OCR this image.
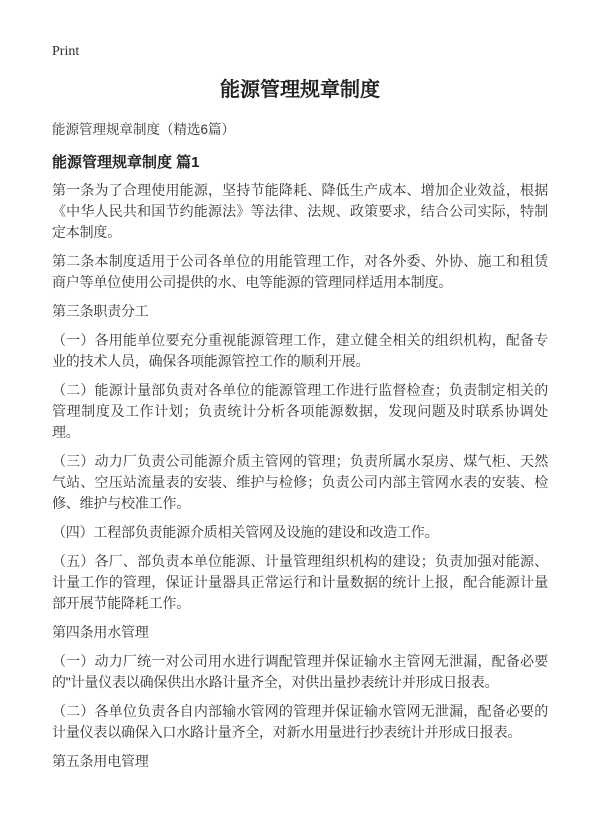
Print
能源管理规章制度
能源管理规章制度（精选6篇）
能源管理规章制度 篇1

第一条为了合理使用能源，坚持节能降耗、降低生产成本、增加企业效益，根据《中华人民共和国节约能源法》等法律、法规、政策要求，结合公司实际，特制定本制度。

第二条本制度适用于公司各单位的用能管理工作，对各外委、外协、施工和租赁商户等单位使用公司提供的水、电等能源的管理同样适用本制度。

第三条职责分工

（一）各用能单位要充分重视能源管理工作，建立健全相关的组织机构，配备专业的技术人员，确保各项能源管控工作的顺利开展。

（二）能源计量部负责对各单位的能源管理工作进行监督检查；负责制定相关的管理制度及工作计划；负责统计分析各项能源数据，发现问题及时联系协调处理。

（三）动力厂负责公司能源介质主管网的管理；负责所属水泵房、煤气柜、天然气站、空压站流量表的安装、维护与检修；负责公司内部主管网水表的安装、检修、维护与校准工作。

（四）工程部负责能源介质相关管网及设施的建设和改造工作。

（五）各厂、部负责本单位能源、计量管理组织机构的建设；负责加强对能源、计量工作的管理，保证计量器具正常运行和计量数据的统计上报，配合能源计量部开展节能降耗工作。

第四条用水管理

（一）动力厂统一对公司用水进行调配管理并保证输水主管网无泄漏，配备必要的"计量仪表以确保供出水路计量齐全，对供出量抄表统计并形成日报表。

（二）各单位负责各自内部输水管网的管理并保证输水管网无泄漏，配备必要的计量仪表以确保入口水路计量齐全，对新水用量进行抄表统计并形成日报表。

第五条用电管理
